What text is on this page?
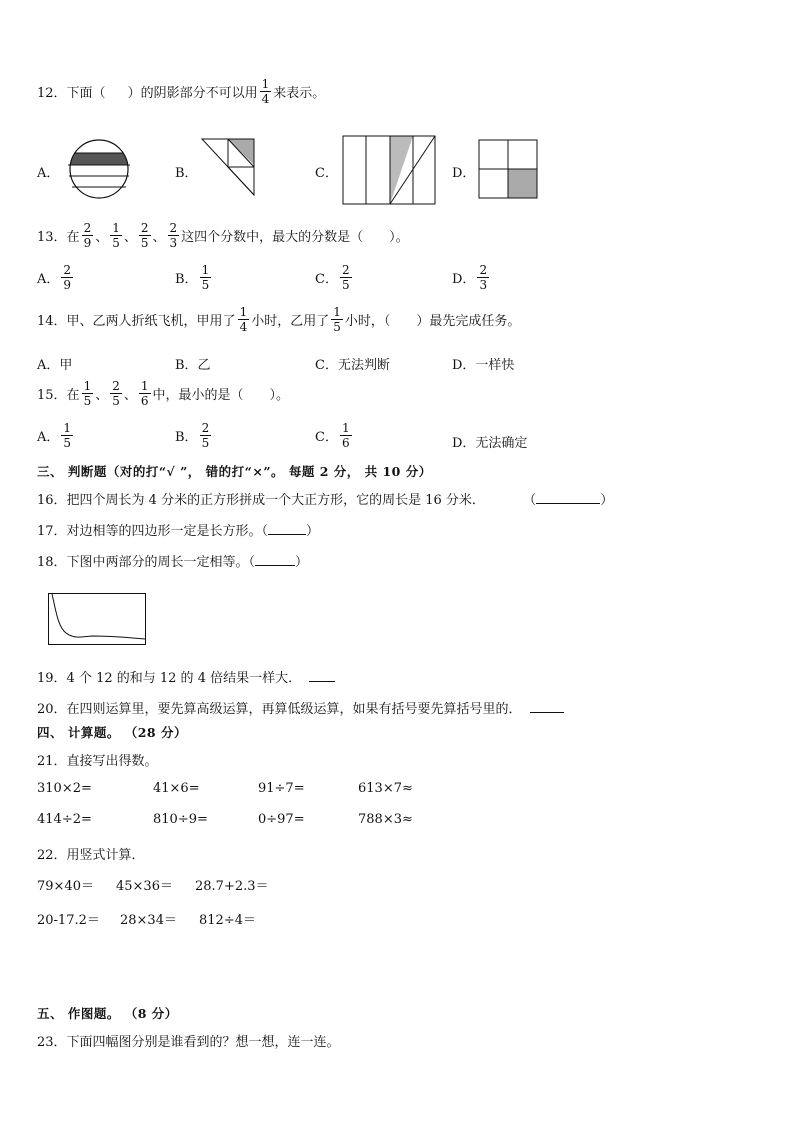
12． 下面（ ）的阴影部分不可以用 $\frac{1}{4}$ 来表示。
A．	B．	C．	D．
13． 在 $\frac{2}{9}$ 、 $\frac{1}{5}$ 、 $\frac{2}{5}$ 、 $\frac{2}{3}$ 这四个分数中，最大的分数是（　　）。
A． $\frac{2}{9}$	B． $\frac{1}{5}$	C． $\frac{2}{5}$	D． $\frac{2}{3}$
14． 甲、乙两人折纸飞机，甲用了 $\frac{1}{4}$ 小时，乙用了 $\frac{1}{5}$ 小时，（　　）最先完成任务。
A．甲	B．乙	C．无法判断	D．一样快
15． 在 $\frac{1}{5}$ 、 $\frac{2}{5}$ 、 $\frac{1}{6}$ 中，最小的是（　　）。
A． $\frac{1}{5}$	B． $\frac{2}{5}$	C． $\frac{1}{6}$	D．无法确定
三、 判断题（对的打“√ ”， 错的打“×”。 每题 2 分， 共 10 分）
16．把四个周长为 4 分米的正方形拼成一个大正方形，它的周长是 16 分米．	（	）
17．对边相等的四边形一定是长方形。（	）
18．下图中两部分的周长一定相等。（	）
19．4 个 12 的和与 12 的 4 倍结果一样大．
20．在四则运算里，要先算高级运算，再算低级运算，如果有括号要先算括号里的．
四、 计算题。 （28 分）
21．直接写出得数。
310×2=	41×6=	91÷7=	613×7≈
414÷2=	810÷9=	0÷97=	788×3≈
22．用竖式计算．
79×40＝ 45×36＝ 28.7+2.3＝
20-17.2＝ 28×34＝ 812÷4＝
五、 作图题。 （8 分）
23．下面四幅图分别是谁看到的？想一想，连一连。
